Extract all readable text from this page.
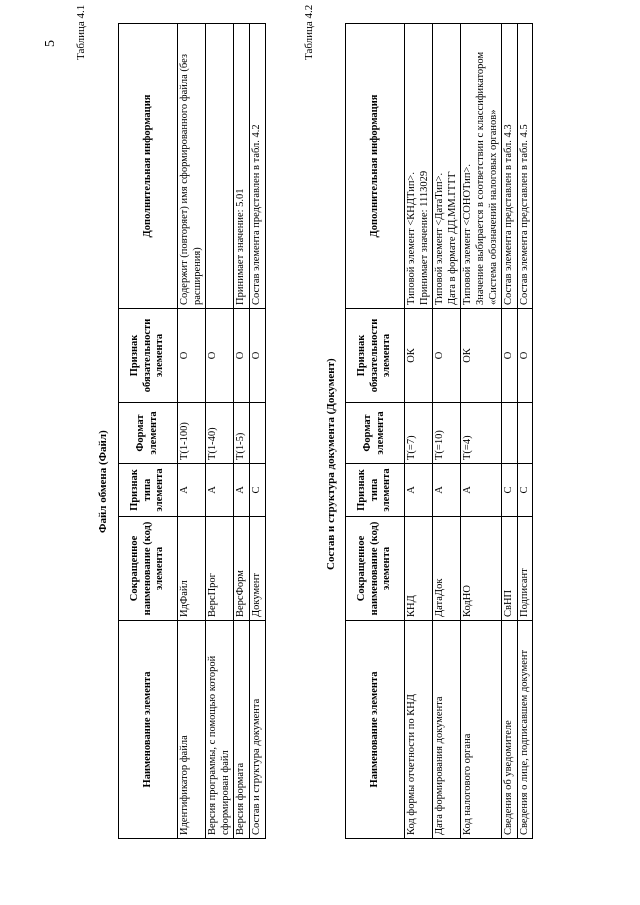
5 Таблица 4.1
Файл обмена (Файл)
Наименование элемента	Сокращенное наименование (код) элемента	Признак типа элемента	Формат элемента	Признак обязательности элемента	Дополнительная информация
Идентификатор файла	ИдФайл	А	T(1-100)	О	Содержит (повторяет) имя сформированного файла (без расширения)
Версия программы, с помощью которой сформирован файл	ВерсПрог	А	T(1-40)	О	
Версия формата	ВерсФорм	А	T(1-5)	О	Принимает значение: 5.01
Состав и структура документа	Документ	С		О	Состав элемента представлен в табл. 4.2
Таблица 4.2
Состав и структура документа (Документ)
Наименование элемента	Сокращенное наименование (код) элемента	Признак типа элемента	Формат элемента	Признак обязательности элемента	Дополнительная информация
Код формы отчетности по КНД	КНД	А	T(=7)	ОК	Типовой элемент <КНДТип>.
Принимает значение: 1113029
Дата формирования документа	ДатаДок	А	T(=10)	О	Типовой элемент <ДатаТип>.
Дата в формате ДД.ММ.ГГГГ
Код налогового органа	КодНО	А	T(=4)	ОК	Типовой элемент <СОНОТип>.
Значение выбирается в соответствии с классификатором «Система обозначений налоговых органов»
Сведения об уведомителе	СвНП	С		О	Состав элемента представлен в табл. 4.3
Сведения о лице, подписавшем документ	Подписант	С		О	Состав элемента представлен в табл. 4.5
